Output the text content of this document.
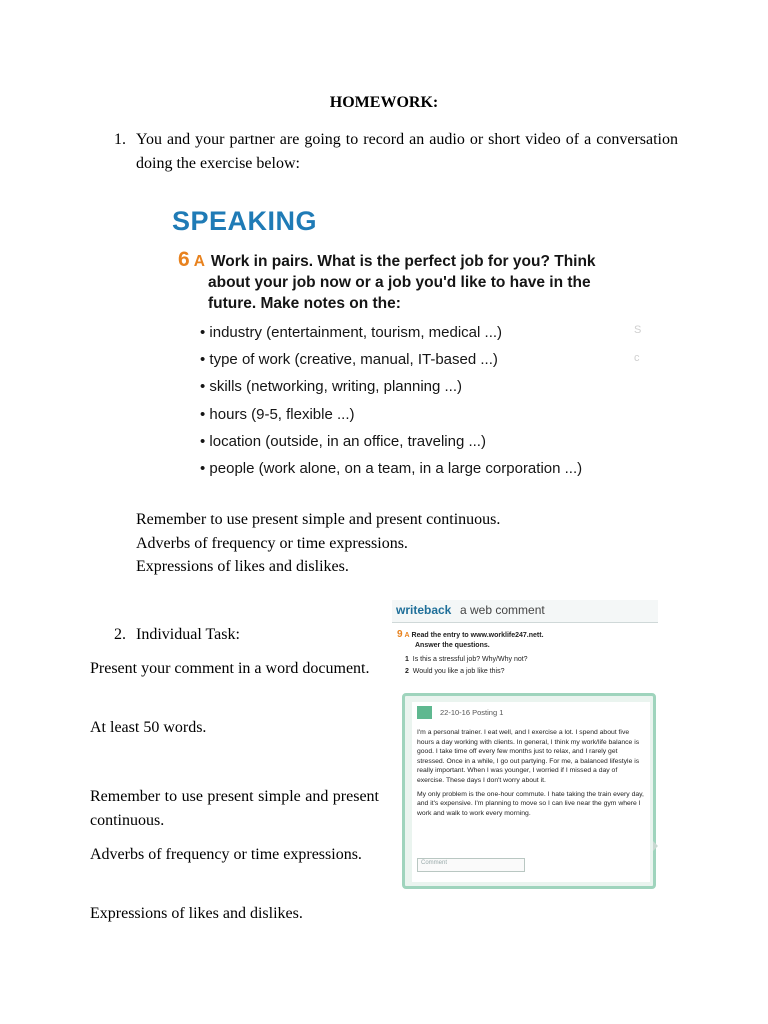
HOMEWORK:
1. You and your partner are going to record an audio or short video of a conversation doing the exercise below:
SPEAKING
6 A Work in pairs. What is the perfect job for you? Think
about your job now or a job you'd like to have in the
future. Make notes on the:
• industry (entertainment, tourism, medical ...)
• type of work (creative, manual, IT-based ...)
• skills (networking, writing, planning ...)
• hours (9-5, flexible ...)
• location (outside, in an office, traveling ...)
• people (work alone, on a team, in a large corporation ...)
S
c
Remember to use present simple and present continuous.
Adverbs of frequency or time expressions.
Expressions of likes and dislikes.
2. Individual Task:
Present your comment in a word document.
At least 50 words.
Remember to use present simple and present continuous.
Adverbs of frequency or time expressions.
Expressions of likes and dislikes.
writeback a web comment
9 A Read the entry to www.worklife247.nett.
Answer the questions.
1 Is this a stressful job? Why/Why not?
2 Would you like a job like this?
22-10-16 Posting 1

I'm a personal trainer. I eat well, and I exercise a lot. I spend about five hours a day working with clients. In general, I think my work/life balance is good. I take time off every few months just to relax, and I rarely get stressed. Once in a while, I go out partying. For me, a balanced lifestyle is really important. When I was younger, I worried if I missed a day of exercise. These days I don't worry about it.

My only problem is the one-hour commute. I hate taking the train every day, and it's expensive. I'm planning to move so I can live near the gym where I work and walk to work every morning.

Comment
